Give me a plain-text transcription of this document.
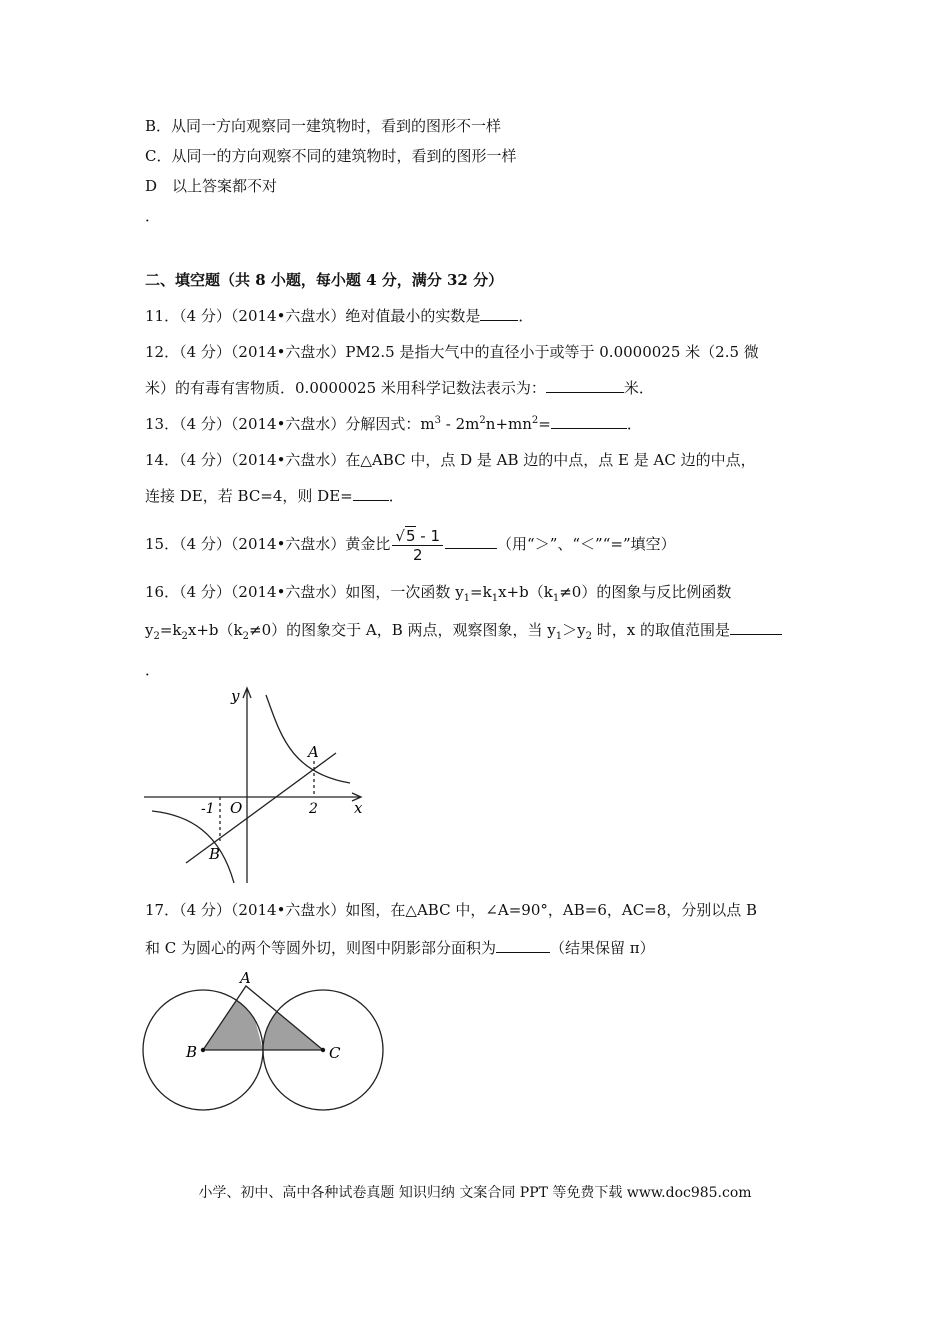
B．从同一方向观察同一建筑物时，看到的图形不一样
C．从同一的方向观察不同的建筑物时，看到的图形一样
D　以上答案都不对
．
二、填空题（共 8 小题，每小题 4 分，满分 32 分）
11．（4 分）（2014•六盘水）绝对值最小的实数是	．
12．（4 分）（2014•六盘水）PM2.5 是指大气中的直径小于或等于 0.0000025 米（2.5 微
米）的有毒有害物质．0.0000025 米用科学记数法表示为：	米．
13．（4 分）（2014•六盘水）分解因式：$m^3 - 2m^2n+mn^2=$	．
14．（4 分）（2014•六盘水）在△ABC 中，点 D 是 AB 边的中点，点 E 是 AC 边的中点，
连接 DE，若 BC=4，则 DE= ．
15．（4 分）（2014•六盘水）黄金比 $\frac{√5 - 1}{2}$	（用“＞”、“＜”“=”填空）
16．（4 分）（2014•六盘水）如图，一次函数 $y_1=k_1x+b(k_1\ne 0)$的图象与反比例函数
$y_2=k_2x+b(k_2\ne 0)$的图象交于 A，B 两点，观察图象，当 $y_1>y_2$ 时，x 的取值范围是
．
y
x
O
-1	2
A
B
17．（4 分）（2014•六盘水）如图，在△ABC 中，∠A=90°，AB=6，AC=8，分别以点 B
和 C 为圆心的两个等圆外切，则图中阴影部分面积为	（结果保留 π）
A
B	C
小学、初中、高中各种试卷真题 知识归纳 文案合同 PPT 等免费下载 www.doc985.com
